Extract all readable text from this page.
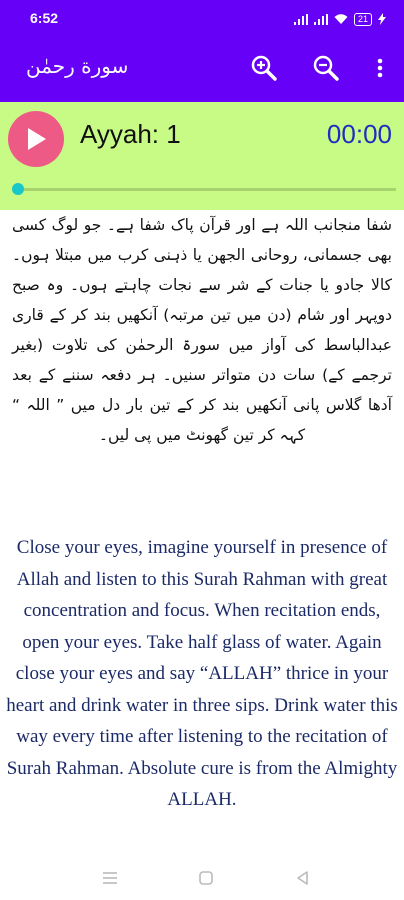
6:52	21
سورة رحمٰن
Ayyah: 1	00:00

شفا منجانب اللہ ہے اور قرآن پاک شفا ہے۔ جو لوگ کسی بھی جسمانی، روحانی الجھن یا ذہنی کرب میں مبتلا ہوں۔ کالا جادو یا جنات کے شر سے نجات چاہتے ہوں۔ وہ صبح دوپہر اور شام (دن میں تین مرتبہ) آنکھیں بند کر کے قاری عبدالباسط کی آواز میں سورۃ الرحمٰن کی تلاوت (بغیر ترجمے کے) سات دن متواتر سنیں۔ ہر دفعہ سننے کے بعد آدھا گلاس پانی آنکھیں بند کر کے تین بار دل میں ” اللہ “ کہہ کر تین گھونٹ میں پی لیں۔

Close your eyes, imagine yourself in presence of Allah and listen to this Surah Rahman with great concentration and focus. When recitation ends, open your eyes. Take half glass of water. Again close your eyes and say “ALLAH” thrice in your heart and drink water in three sips. Drink water this way every time after listening to the recitation of Surah Rahman. Absolute cure is from the Almighty ALLAH.
